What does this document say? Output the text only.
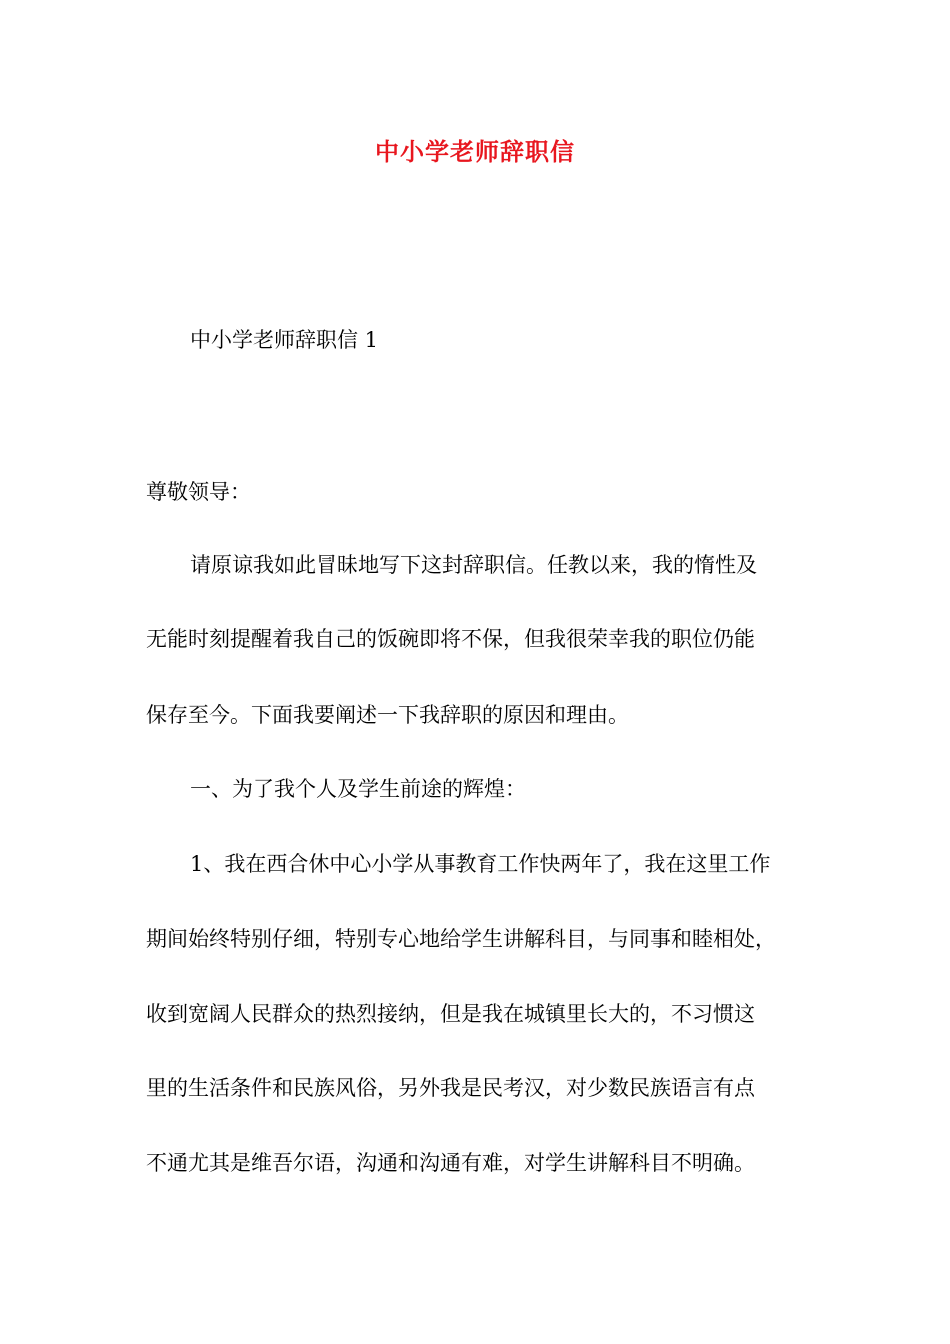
中小学老师辞职信

中小学老师辞职信 1

尊敬领导：

请原谅我如此冒昧地写下这封辞职信。任教以来，我的惰性及

无能时刻提醒着我自己的饭碗即将不保，但我很荣幸我的职位仍能

保存至今。下面我要阐述一下我辞职的原因和理由。

一、为了我个人及学生前途的辉煌：

1、我在西合休中心小学从事教育工作快两年了，我在这里工作

期间始终特别仔细，特别专心地给学生讲解科目，与同事和睦相处，

收到宽阔人民群众的热烈接纳，但是我在城镇里长大的，不习惯这

里的生活条件和民族风俗，另外我是民考汉，对少数民族语言有点

不通尤其是维吾尔语，沟通和沟通有难，对学生讲解科目不明确。
